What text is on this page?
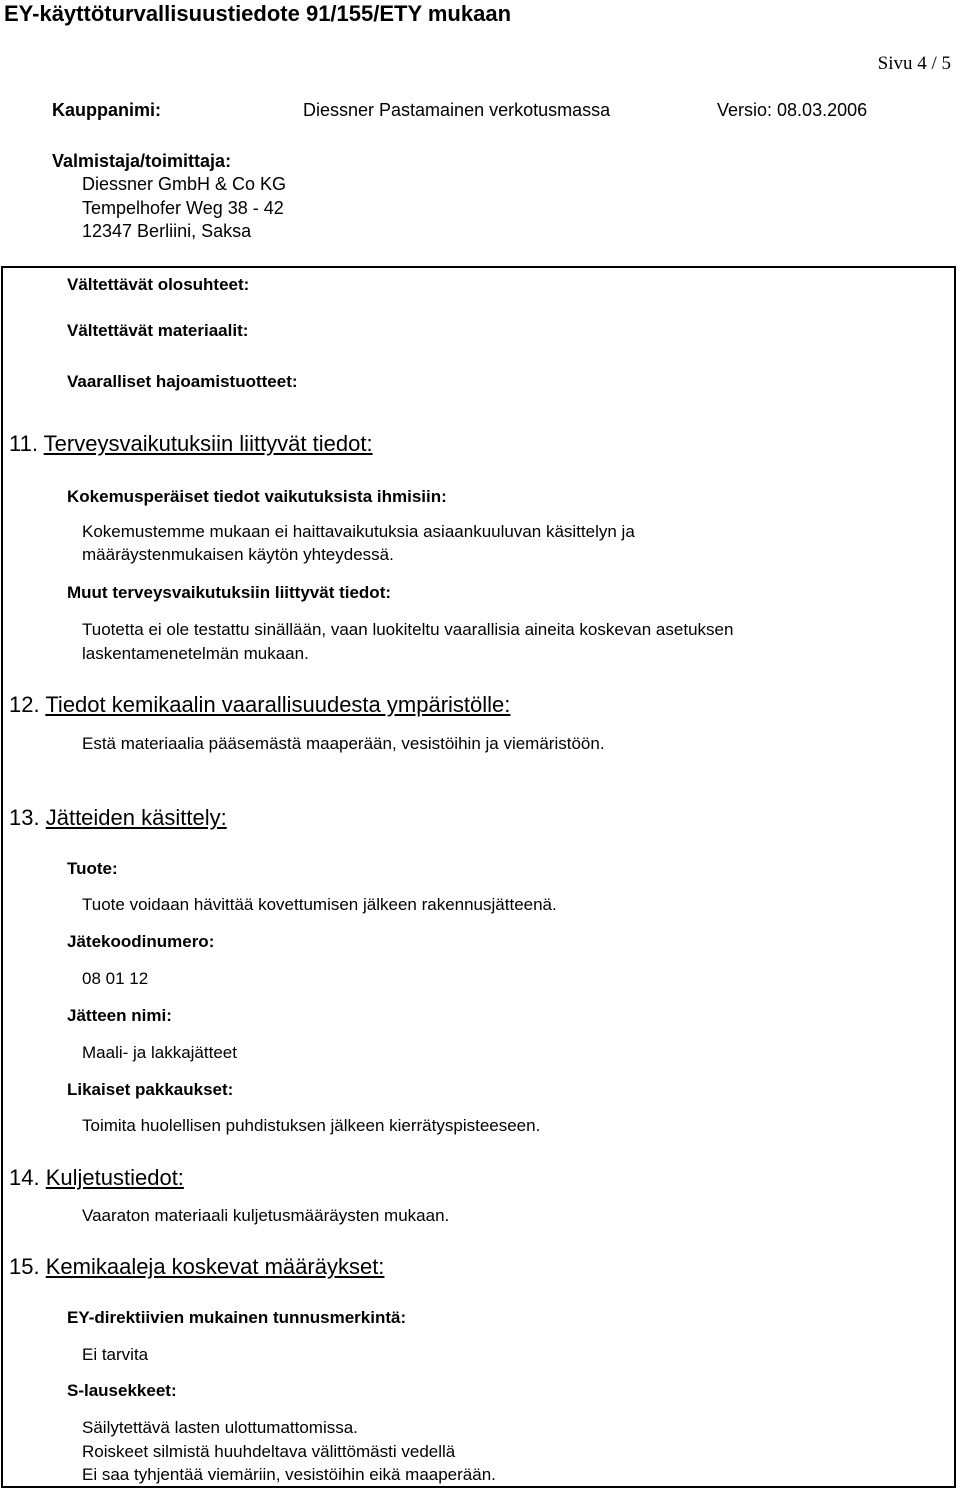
EY-käyttöturvallisuustiedote 91/155/ETY mukaan
Sivu 4 / 5
Kauppanimi:	Diessner Pastamainen verkotusmassa	Versio: 08.03.2006
Valmistaja/toimittaja:
Diessner GmbH & Co KG
Tempelhofer Weg 38 - 42
12347 Berliini, Saksa
Vältettävät olosuhteet:
Vältettävät materiaalit:
Vaaralliset hajoamistuotteet:
11. Terveysvaikutuksiin liittyvät tiedot:
Kokemusperäiset tiedot vaikutuksista ihmisiin:
Kokemustemme mukaan ei haittavaikutuksia asiaankuuluvan käsittelyn ja
määräystenmukaisen käytön yhteydessä.
Muut terveysvaikutuksiin liittyvät tiedot:
Tuotetta ei ole testattu sinällään, vaan luokiteltu vaarallisia aineita koskevan asetuksen
laskentamenetelmän mukaan.
12. Tiedot kemikaalin vaarallisuudesta ympäristölle:
Estä materiaalia pääsemästä maaperään, vesistöihin ja viemäristöön.
13. Jätteiden käsittely:
Tuote:
Tuote voidaan hävittää kovettumisen jälkeen rakennusjätteenä.
Jätekoodinumero:
08 01 12
Jätteen nimi:
Maali- ja lakkajätteet
Likaiset pakkaukset:
Toimita huolellisen puhdistuksen jälkeen kierrätyspisteeseen.
14. Kuljetustiedot:
Vaaraton materiaali kuljetusmääräysten mukaan.
15. Kemikaaleja koskevat määräykset:
EY-direktiivien mukainen tunnusmerkintä:
Ei tarvita
S-lausekkeet:
Säilytettävä lasten ulottumattomissa.
Roiskeet silmistä huuhdeltava välittömästi vedellä
Ei saa tyhjentää viemäriin, vesistöihin eikä maaperään.
